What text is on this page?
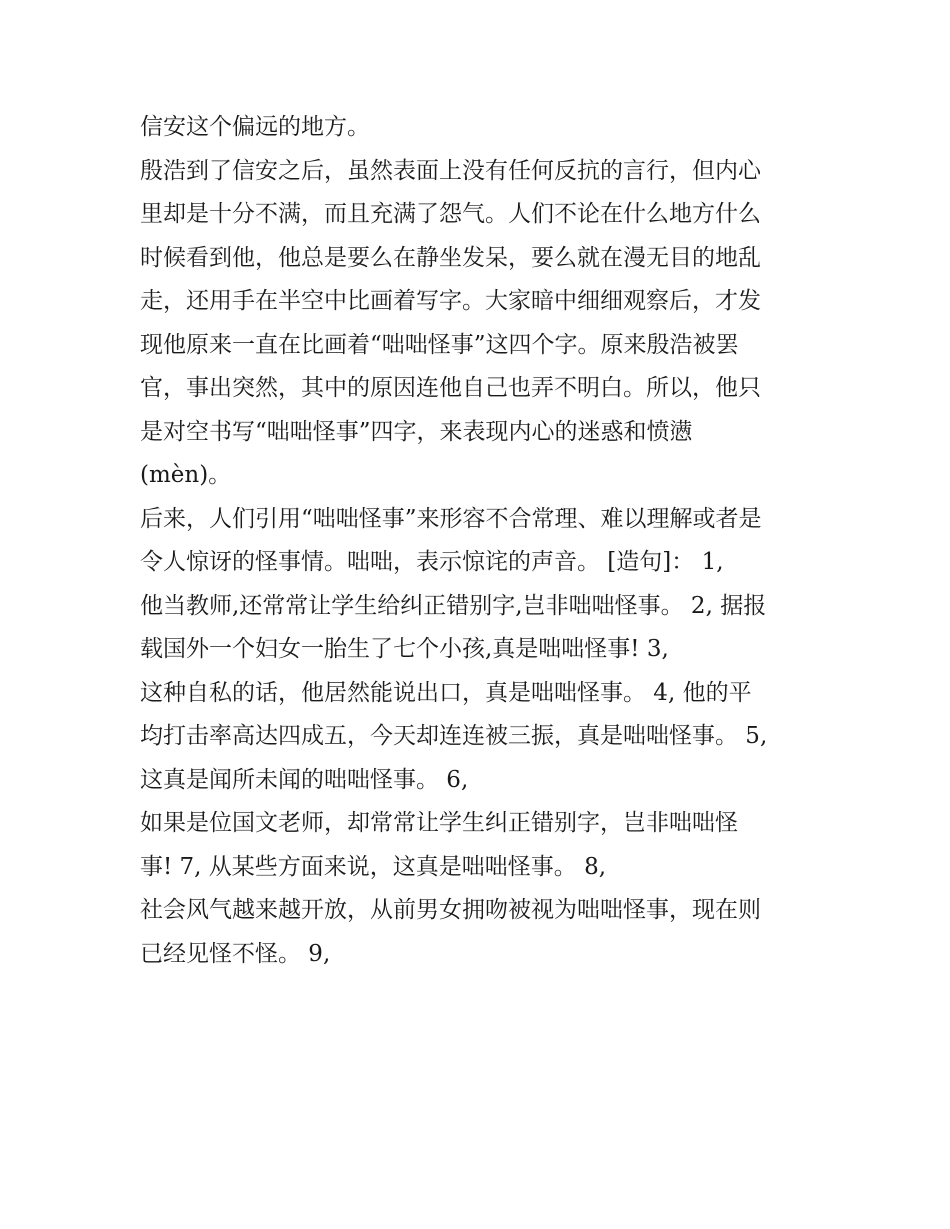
信安这个偏远的地方。
殷浩到了信安之后，虽然表面上没有任何反抗的言行，但内心
里却是十分不满，而且充满了怨气。人们不论在什么地方什么
时候看到他，他总是要么在静坐发呆，要么就在漫无目的地乱
走，还用手在半空中比画着写字。大家暗中细细观察后，才发
现他原来一直在比画着“咄咄怪事”这四个字。原来殷浩被罢
官，事出突然，其中的原因连他自己也弄不明白。所以，他只
是对空书写“咄咄怪事”四字，来表现内心的迷惑和愤懑
(mèn)。
后来，人们引用“咄咄怪事”来形容不合常理、难以理解或者是
令人惊讶的怪事情。咄咄，表示惊诧的声音。 [造句]： 1,
他当教师,还常常让学生给纠正错别字,岂非咄咄怪事。 2, 据报
载国外一个妇女一胎生了七个小孩,真是咄咄怪事! 3,
这种自私的话，他居然能说出口，真是咄咄怪事。 4, 他的平
均打击率高达四成五，今天却连连被三振，真是咄咄怪事。 5,
这真是闻所未闻的咄咄怪事。 6,
如果是位国文老师，却常常让学生纠正错别字，岂非咄咄怪
事! 7, 从某些方面来说，这真是咄咄怪事。 8,
社会风气越来越开放，从前男女拥吻被视为咄咄怪事，现在则
已经见怪不怪。 9,
